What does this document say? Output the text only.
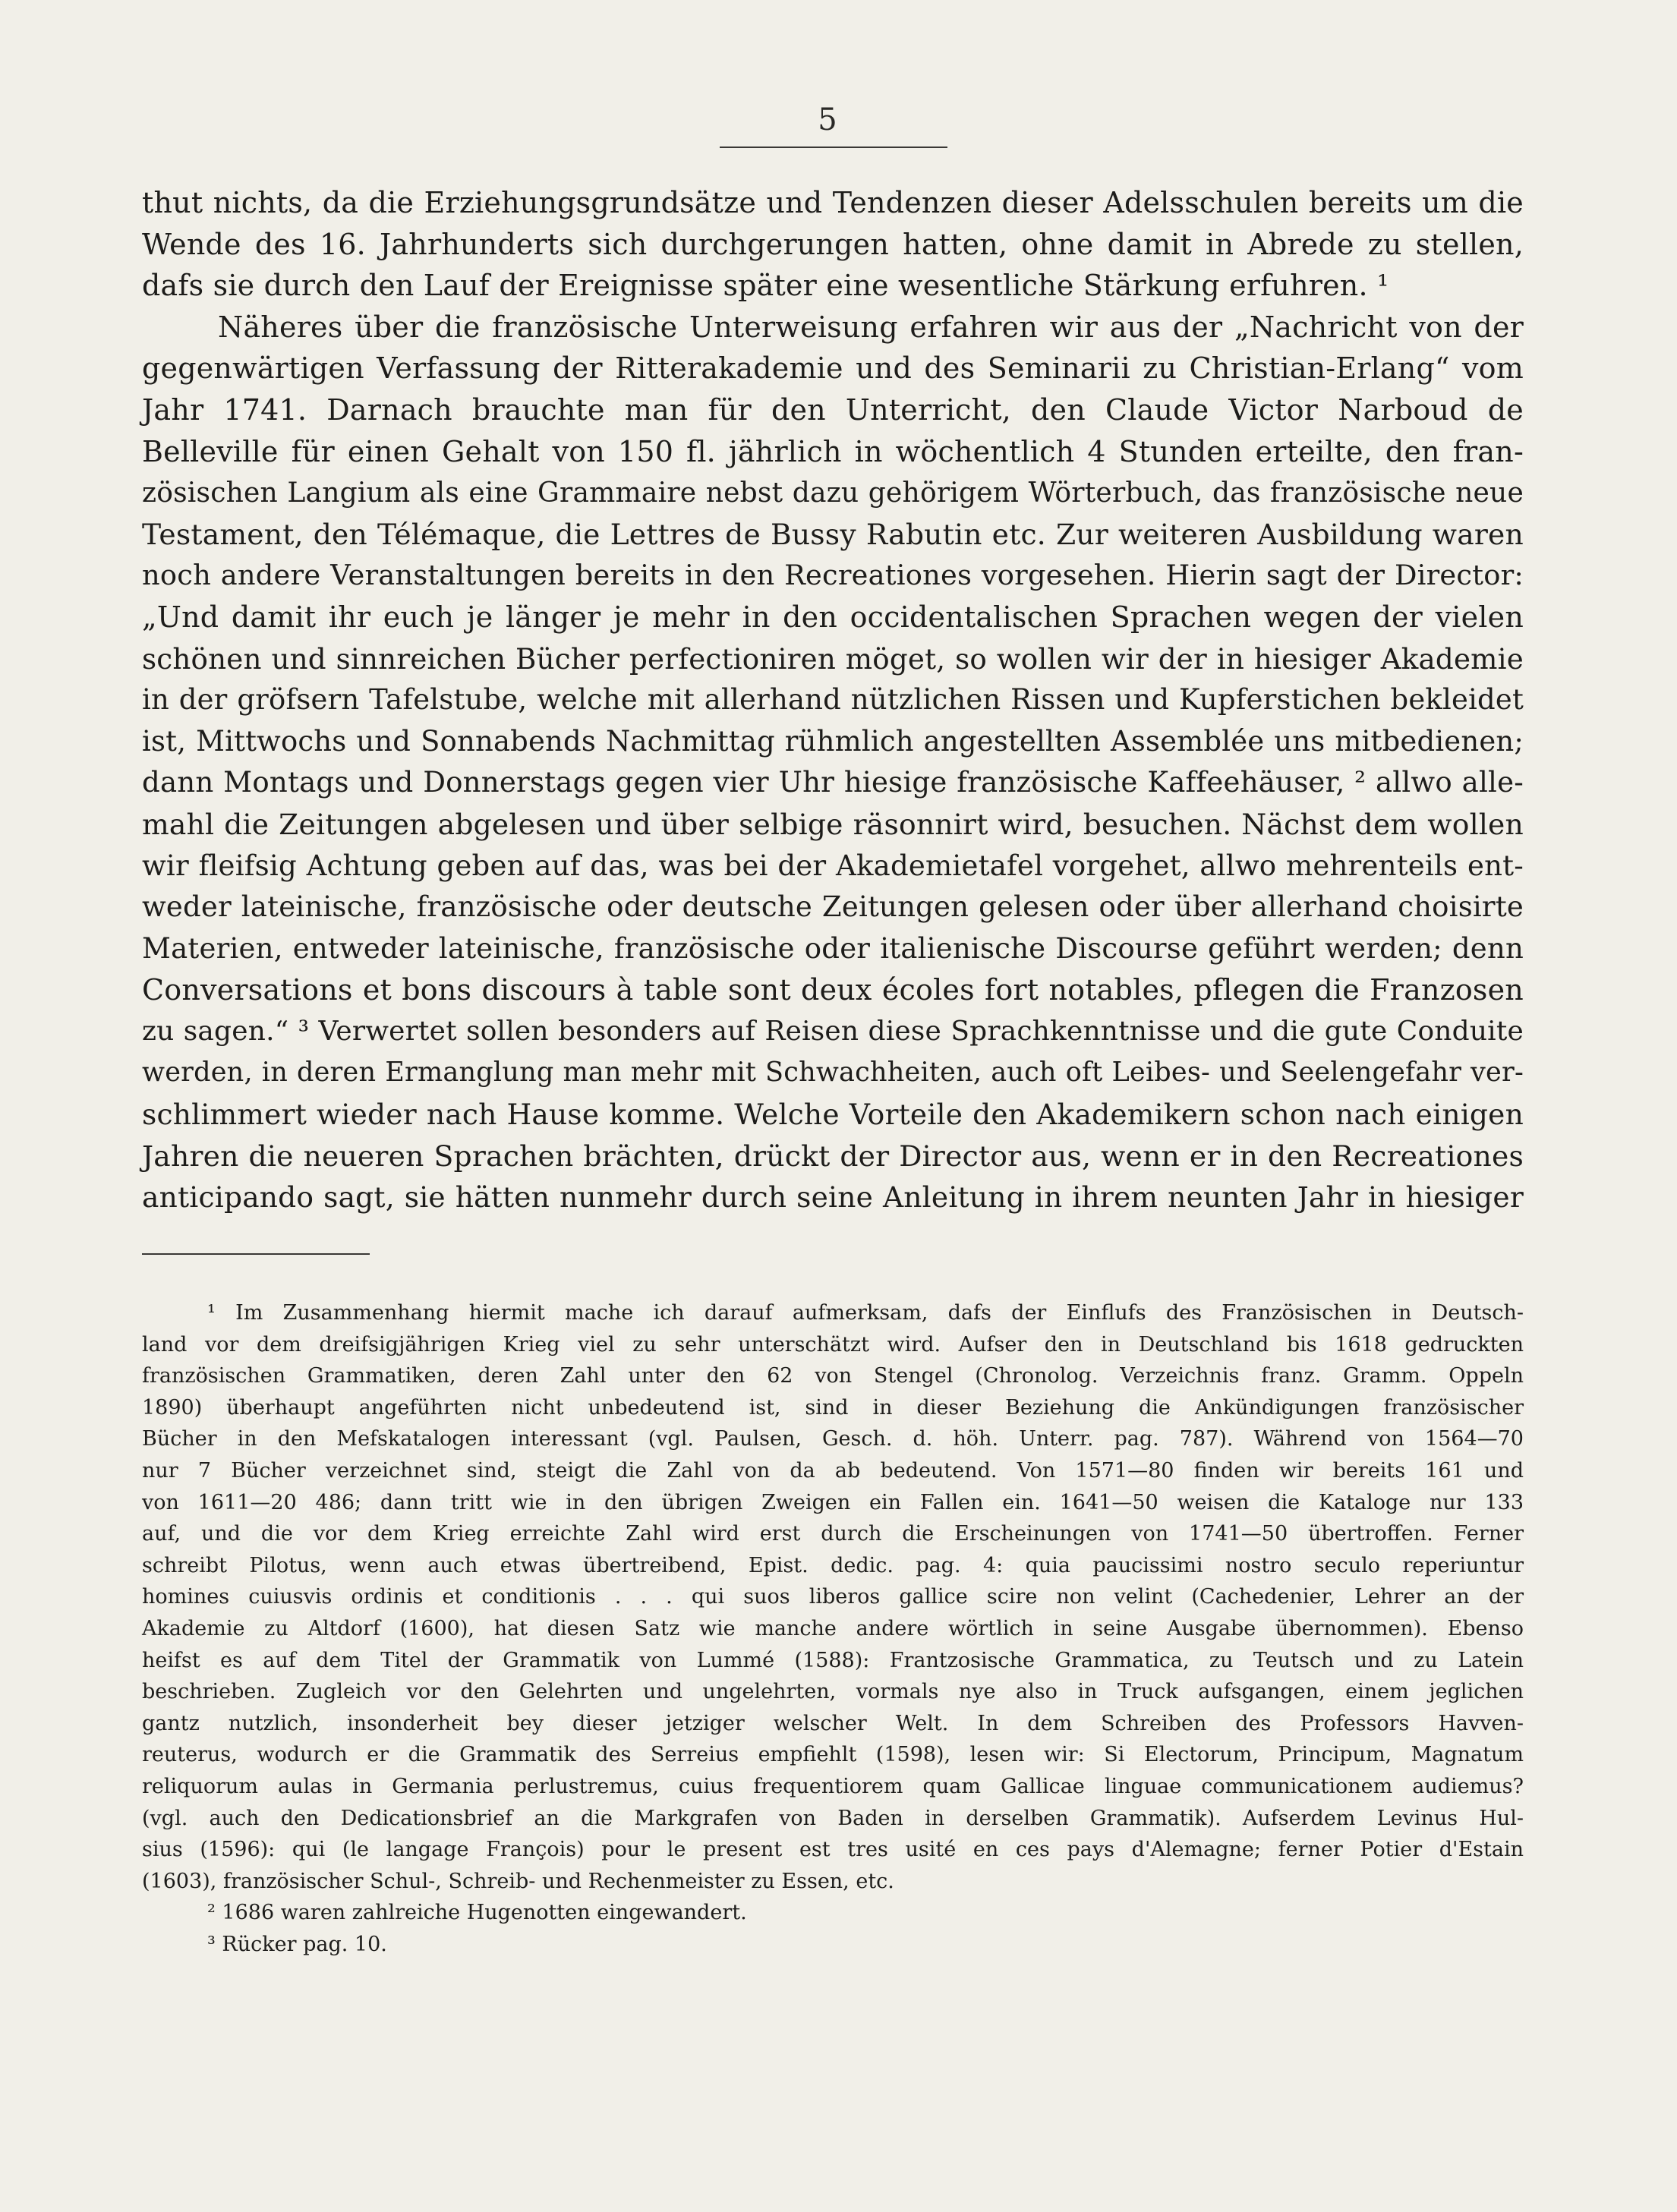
5
thut nichts, da die Erziehungsgrundsätze und Tendenzen dieser Adelsschulen bereits um die
Wende des 16. Jahrhunderts sich durchgerungen hatten, ohne damit in Abrede zu stellen,
dafs sie durch den Lauf der Ereignisse später eine wesentliche Stärkung erfuhren. ¹
Näheres über die französische Unterweisung erfahren wir aus der „Nachricht von der
gegenwärtigen Verfassung der Ritterakademie und des Seminarii zu Christian-Erlang“ vom
Jahr 1741. Darnach brauchte man für den Unterricht, den Claude Victor Narboud de
Belleville für einen Gehalt von 150 fl. jährlich in wöchentlich 4 Stunden erteilte, den fran-
zösischen Langium als eine Grammaire nebst dazu gehörigem Wörterbuch, das französische neue
Testament, den Télémaque, die Lettres de Bussy Rabutin etc. Zur weiteren Ausbildung waren
noch andere Veranstaltungen bereits in den Recreationes vorgesehen. Hierin sagt der Director:
„Und damit ihr euch je länger je mehr in den occidentalischen Sprachen wegen der vielen
schönen und sinnreichen Bücher perfectioniren möget, so wollen wir der in hiesiger Akademie
in der gröfsern Tafelstube, welche mit allerhand nützlichen Rissen und Kupferstichen bekleidet
ist, Mittwochs und Sonnabends Nachmittag rühmlich angestellten Assemblée uns mitbedienen;
dann Montags und Donnerstags gegen vier Uhr hiesige französische Kaffeehäuser, ² allwo alle-
mahl die Zeitungen abgelesen und über selbige räsonnirt wird, besuchen. Nächst dem wollen
wir fleifsig Achtung geben auf das, was bei der Akademietafel vorgehet, allwo mehrenteils ent-
weder lateinische, französische oder deutsche Zeitungen gelesen oder über allerhand choisirte
Materien, entweder lateinische, französische oder italienische Discourse geführt werden; denn
Conversations et bons discours à table sont deux écoles fort notables, pflegen die Franzosen
zu sagen.“ ³ Verwertet sollen besonders auf Reisen diese Sprachkenntnisse und die gute Conduite
werden, in deren Ermanglung man mehr mit Schwachheiten, auch oft Leibes- und Seelengefahr ver-
schlimmert wieder nach Hause komme. Welche Vorteile den Akademikern schon nach einigen
Jahren die neueren Sprachen brächten, drückt der Director aus, wenn er in den Recreationes
anticipando sagt, sie hätten nunmehr durch seine Anleitung in ihrem neunten Jahr in hiesiger
¹ Im Zusammenhang hiermit mache ich darauf aufmerksam, dafs der Einflufs des Französischen in Deutsch-
land vor dem dreifsigjährigen Krieg viel zu sehr unterschätzt wird. Aufser den in Deutschland bis 1618 gedruckten
französischen Grammatiken, deren Zahl unter den 62 von Stengel (Chronolog. Verzeichnis franz. Gramm. Oppeln
1890) überhaupt angeführten nicht unbedeutend ist, sind in dieser Beziehung die Ankündigungen französischer
Bücher in den Mefskatalogen interessant (vgl. Paulsen, Gesch. d. höh. Unterr. pag. 787). Während von 1564—70
nur 7 Bücher verzeichnet sind, steigt die Zahl von da ab bedeutend. Von 1571—80 finden wir bereits 161 und
von 1611—20 486; dann tritt wie in den übrigen Zweigen ein Fallen ein. 1641—50 weisen die Kataloge nur 133
auf, und die vor dem Krieg erreichte Zahl wird erst durch die Erscheinungen von 1741—50 übertroffen. Ferner
schreibt Pilotus, wenn auch etwas übertreibend, Epist. dedic. pag. 4: quia paucissimi nostro seculo reperiuntur
homines cuiusvis ordinis et conditionis . . . qui suos liberos gallice scire non velint (Cachedenier, Lehrer an der
Akademie zu Altdorf (1600), hat diesen Satz wie manche andere wörtlich in seine Ausgabe übernommen). Ebenso
heifst es auf dem Titel der Grammatik von Lummé (1588): Frantzosische Grammatica, zu Teutsch und zu Latein
beschrieben. Zugleich vor den Gelehrten und ungelehrten, vormals nye also in Truck aufsgangen, einem jeglichen
gantz nutzlich, insonderheit bey dieser jetziger welscher Welt. In dem Schreiben des Professors Havven-
reuterus, wodurch er die Grammatik des Serreius empfiehlt (1598), lesen wir: Si Electorum, Principum, Magnatum
reliquorum aulas in Germania perlustremus, cuius frequentiorem quam Gallicae linguae communicationem audiemus?
(vgl. auch den Dedicationsbrief an die Markgrafen von Baden in derselben Grammatik). Aufserdem Levinus Hul-
sius (1596): qui (le langage François) pour le present est tres usité en ces pays d'Alemagne; ferner Potier d'Estain
(1603), französischer Schul-, Schreib- und Rechenmeister zu Essen, etc.
² 1686 waren zahlreiche Hugenotten eingewandert.
³ Rücker pag. 10.
